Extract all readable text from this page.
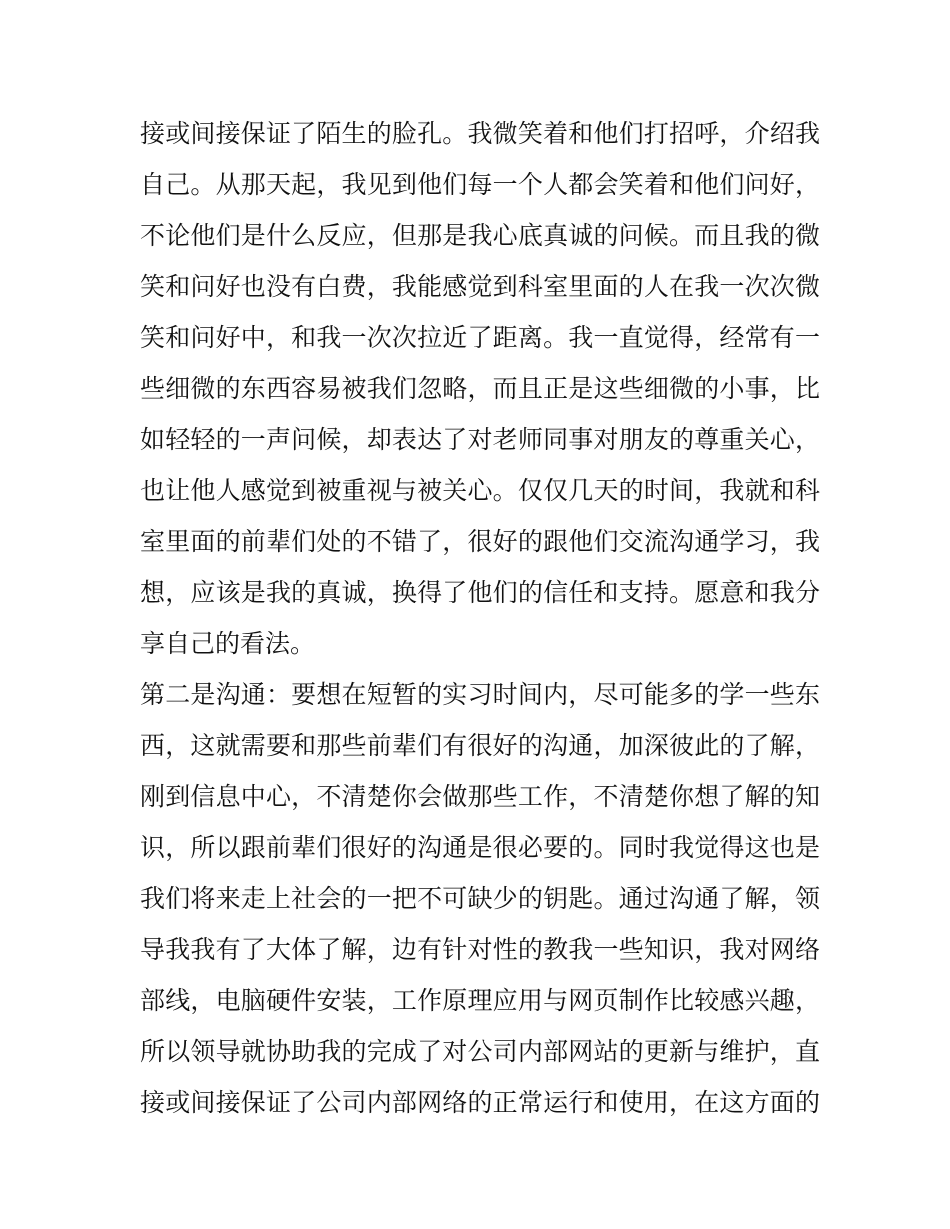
接或间接保证了陌生的脸孔。我微笑着和他们打招呼，介绍我
自己。从那天起，我见到他们每一个人都会笑着和他们问好，
不论他们是什么反应，但那是我心底真诚的问候。而且我的微
笑和问好也没有白费，我能感觉到科室里面的人在我一次次微
笑和问好中，和我一次次拉近了距离。我一直觉得，经常有一
些细微的东西容易被我们忽略，而且正是这些细微的小事，比
如轻轻的一声问候，却表达了对老师同事对朋友的尊重关心，
也让他人感觉到被重视与被关心。仅仅几天的时间，我就和科
室里面的前辈们处的不错了，很好的跟他们交流沟通学习，我
想，应该是我的真诚，换得了他们的信任和支持。愿意和我分
享自己的看法。
第二是沟通：要想在短暂的实习时间内，尽可能多的学一些东
西，这就需要和那些前辈们有很好的沟通，加深彼此的了解，
刚到信息中心，不清楚你会做那些工作，不清楚你想了解的知
识，所以跟前辈们很好的沟通是很必要的。同时我觉得这也是
我们将来走上社会的一把不可缺少的钥匙。通过沟通了解，领
导我我有了大体了解，边有针对性的教我一些知识，我对网络
部线，电脑硬件安装，工作原理应用与网页制作比较感兴趣，
所以领导就协助我的完成了对公司内部网站的更新与维护，直
接或间接保证了公司内部网络的正常运行和使用，在这方面的
